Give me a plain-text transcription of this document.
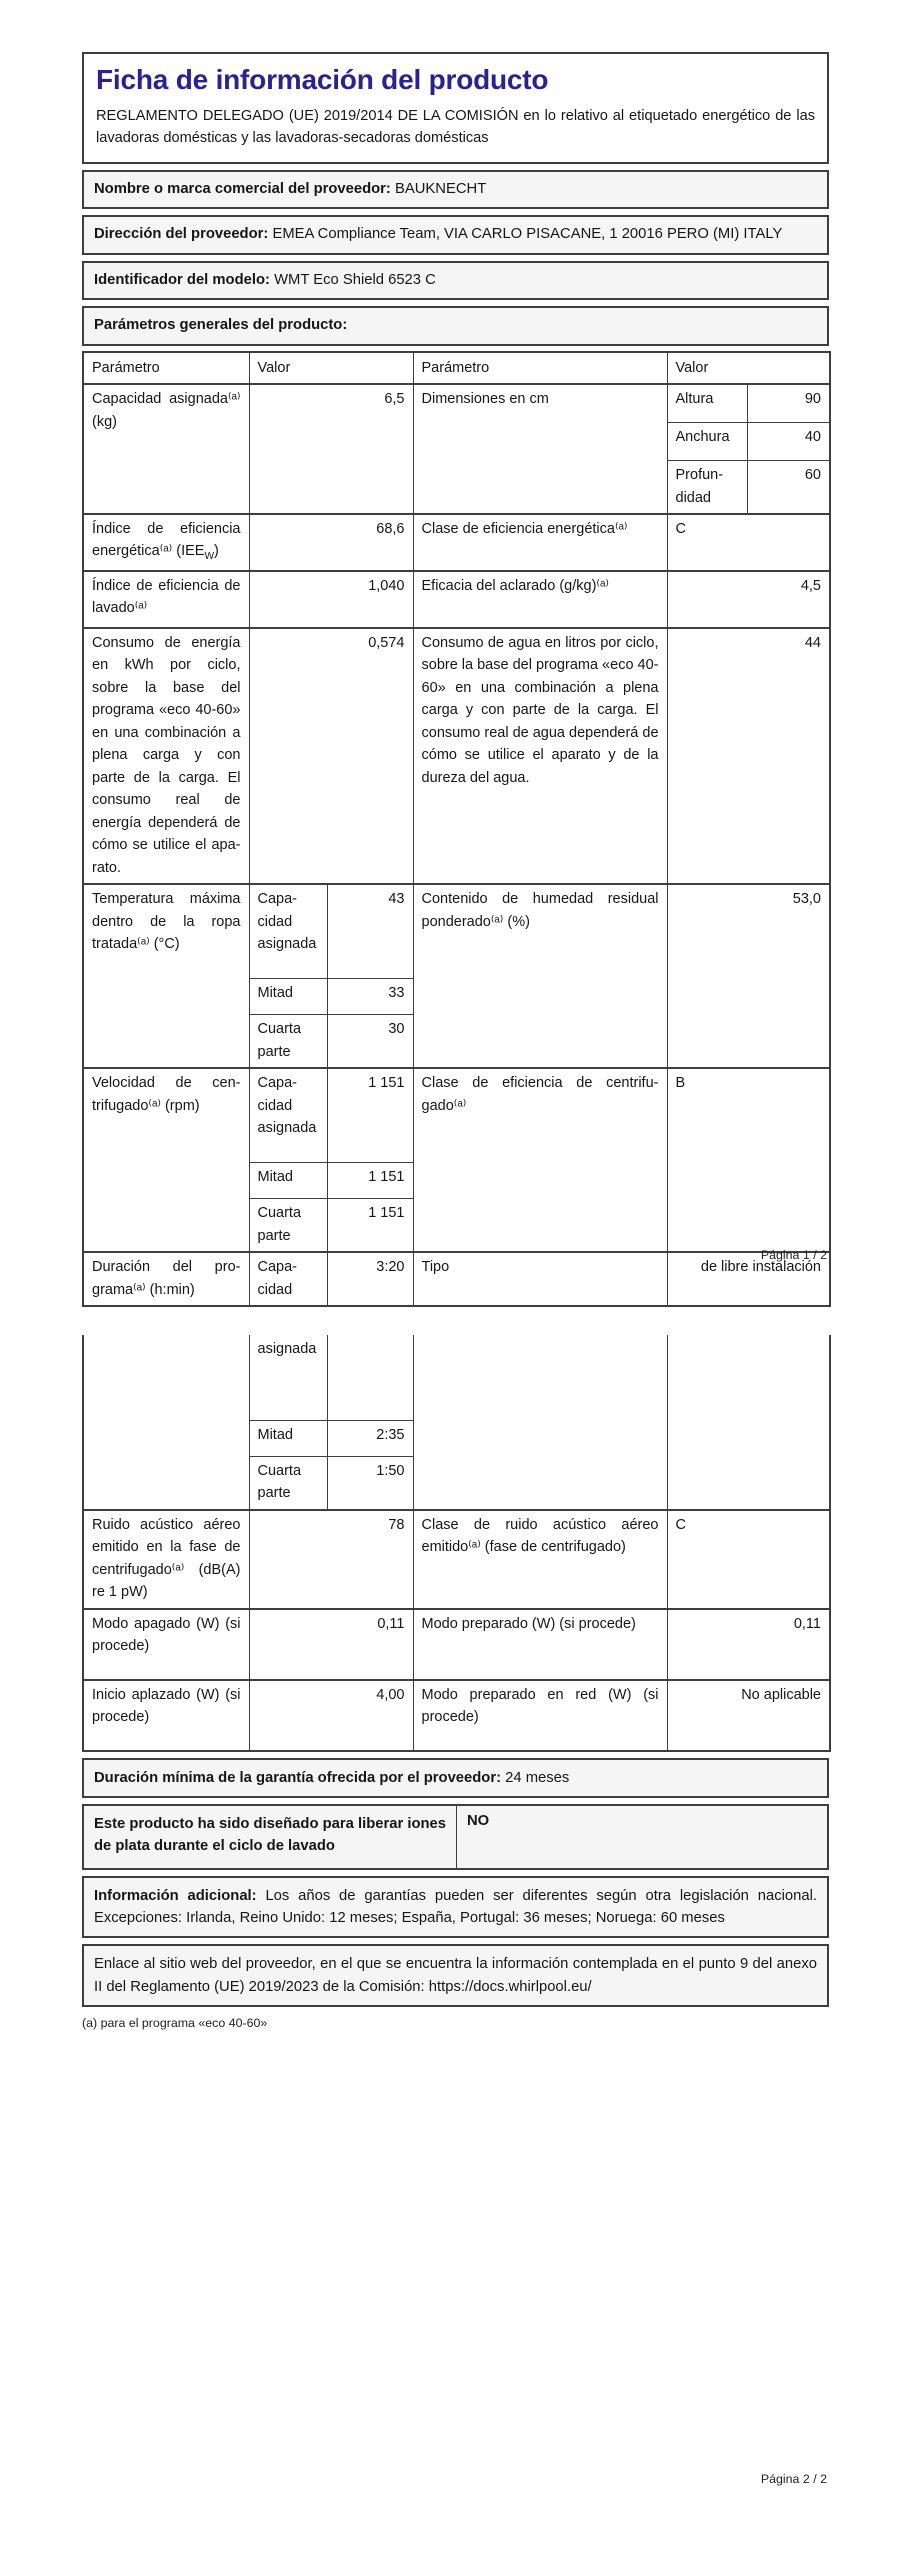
Ficha de información del producto

REGLAMENTO DELEGADO (UE) 2019/2014 DE LA COMISIÓN en lo relativo al etiquetado energético de las lavadoras domésticas y las lavadoras-secadoras domésticas

Nombre o marca comercial del proveedor: BAUKNECHT
Dirección del proveedor: EMEA Compliance Team, VIA CARLO PISACANE, 1 20016 PERO (MI) ITALY
Identificador del modelo: WMT Eco Shield 6523 C
Parámetros generales del producto:
Parámetro	Valor		Parámetro	Valor	
Capacidad asignada⁽ᵃ⁾ (kg)	6,5		Dimensiones en cm	Altura	90
				Anchura	40
				Profundidad	60
Índice de eficiencia energética⁽ᵃ⁾ $(IEE_W)$	68,6		Clase de eficiencia energética⁽ᵃ⁾	C	
Índice de eficiencia de lavado⁽ᵃ⁾	1,040		Eficacia del aclarado (g/kg)⁽ᵃ⁾	4,5	
Consumo de energía en kWh por ciclo, sobre la base del programa «eco 40-60» en una combinación a plena carga y con parte de la carga. El consumo real de energía dependerá de cómo se utilice el aparato.	0,574	Consumo de agua en litros por ciclo, sobre la base del programa «eco 40-60» en una combinación a plena carga y con parte de la carga. El consumo real de agua dependerá de cómo se utilice el aparato y de la dureza del agua.	44
Temperatura máxima dentro de la ropa tratada⁽ᵃ⁾ (°C)	Capacidad asignada	43	Contenido de humedad residual ponderado⁽ᵃ⁾ (%)	53,0	
	Mitad	33			
	Cuarta parte	30			
Velocidad de centrifugado⁽ᵃ⁾ (rpm)	Capacidad asignada	1 151	Clase de eficiencia de centrifugado⁽ᵃ⁾	B	
	Mitad	1 151			
	Cuarta parte	1 151			
Duración del programa⁽ᵃ⁾ (h:min)	Capacidad	3:20	Tipo	de libre instalación	
Página 1 / 2
	asignada			
	Mitad	2:35		
	Cuarta parte	1:50		
Ruido acústico aéreo emitido en la fase de centrifugado⁽ᵃ⁾ (dB(A) re 1 pW)	78		Clase de ruido acústico aéreo emitido⁽ᵃ⁾ (fase de centrifugado)	C
Modo apagado (W) (si procede)	0,11		Modo preparado (W) (si procede)	0,11
Inicio aplazado (W) (si procede)	4,00		Modo preparado en red (W) (si procede)	No aplicable
Duración mínima de la garantía ofrecida por el proveedor: 24 meses
Este producto ha sido diseñado para liberar iones de plata durante el ciclo de lavado
NO
Información adicional: Los años de garantías pueden ser diferentes según otra legislación nacional. Excepciones: Irlanda, Reino Unido: 12 meses; España, Portugal: 36 meses; Noruega: 60 meses
Enlace al sitio web del proveedor, en el que se encuentra la información contemplada en el punto 9 del anexo II del Reglamento (UE) 2019/2023 de la Comisión: https://docs.whirlpool.eu/
(a) para el programa «eco 40-60»
Página 2 / 2
